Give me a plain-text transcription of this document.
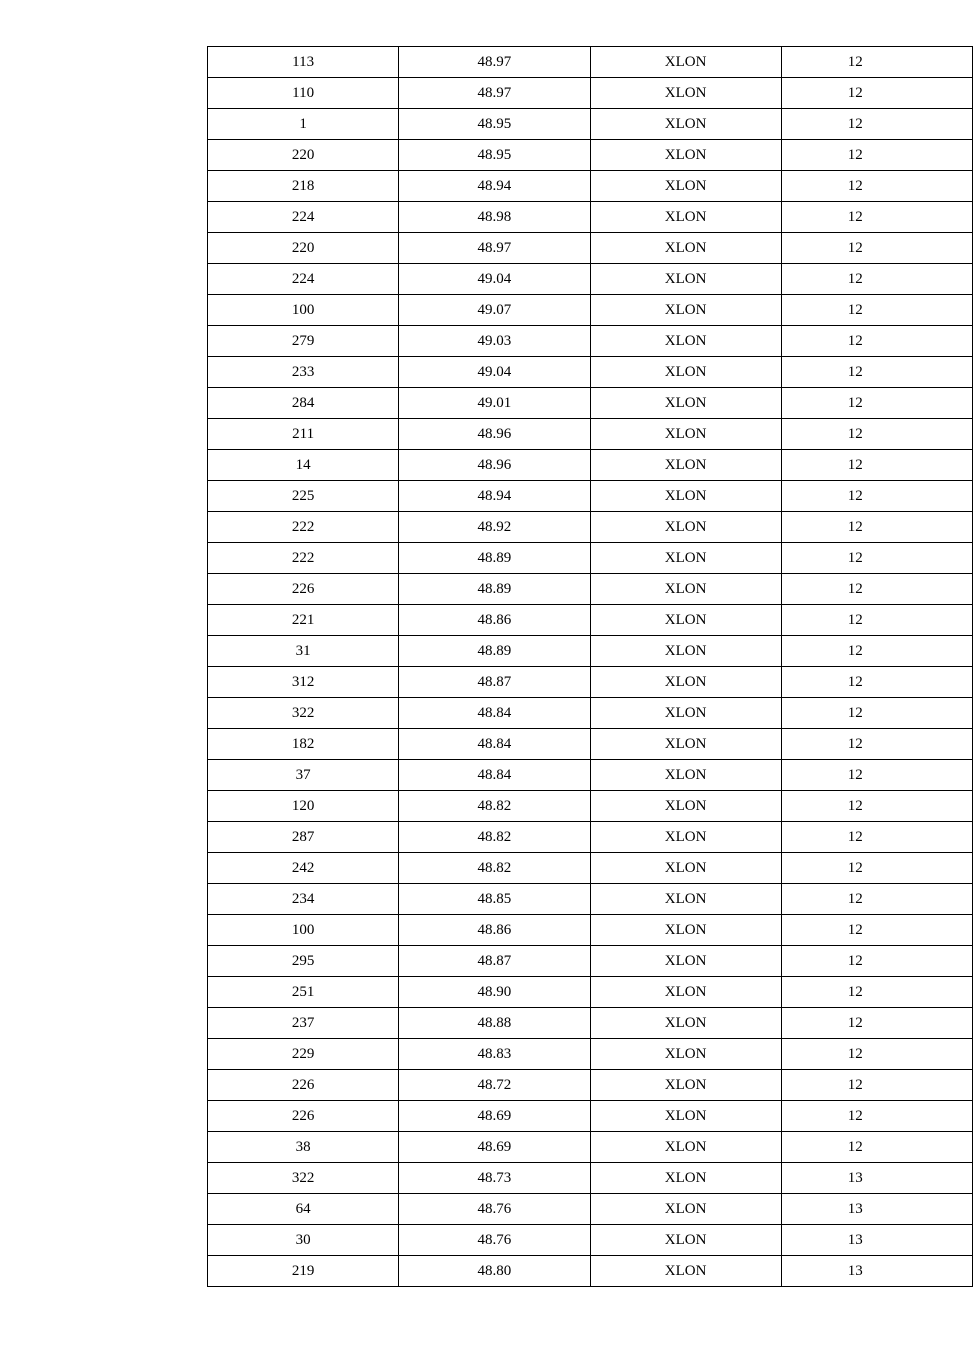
113	48.97	XLON	12
110	48.97	XLON	12
1	48.95	XLON	12
220	48.95	XLON	12
218	48.94	XLON	12
224	48.98	XLON	12
220	48.97	XLON	12
224	49.04	XLON	12
100	49.07	XLON	12
279	49.03	XLON	12
233	49.04	XLON	12
284	49.01	XLON	12
211	48.96	XLON	12
14	48.96	XLON	12
225	48.94	XLON	12
222	48.92	XLON	12
222	48.89	XLON	12
226	48.89	XLON	12
221	48.86	XLON	12
31	48.89	XLON	12
312	48.87	XLON	12
322	48.84	XLON	12
182	48.84	XLON	12
37	48.84	XLON	12
120	48.82	XLON	12
287	48.82	XLON	12
242	48.82	XLON	12
234	48.85	XLON	12
100	48.86	XLON	12
295	48.87	XLON	12
251	48.90	XLON	12
237	48.88	XLON	12
229	48.83	XLON	12
226	48.72	XLON	12
226	48.69	XLON	12
38	48.69	XLON	12
322	48.73	XLON	13
64	48.76	XLON	13
30	48.76	XLON	13
219	48.80	XLON	13
